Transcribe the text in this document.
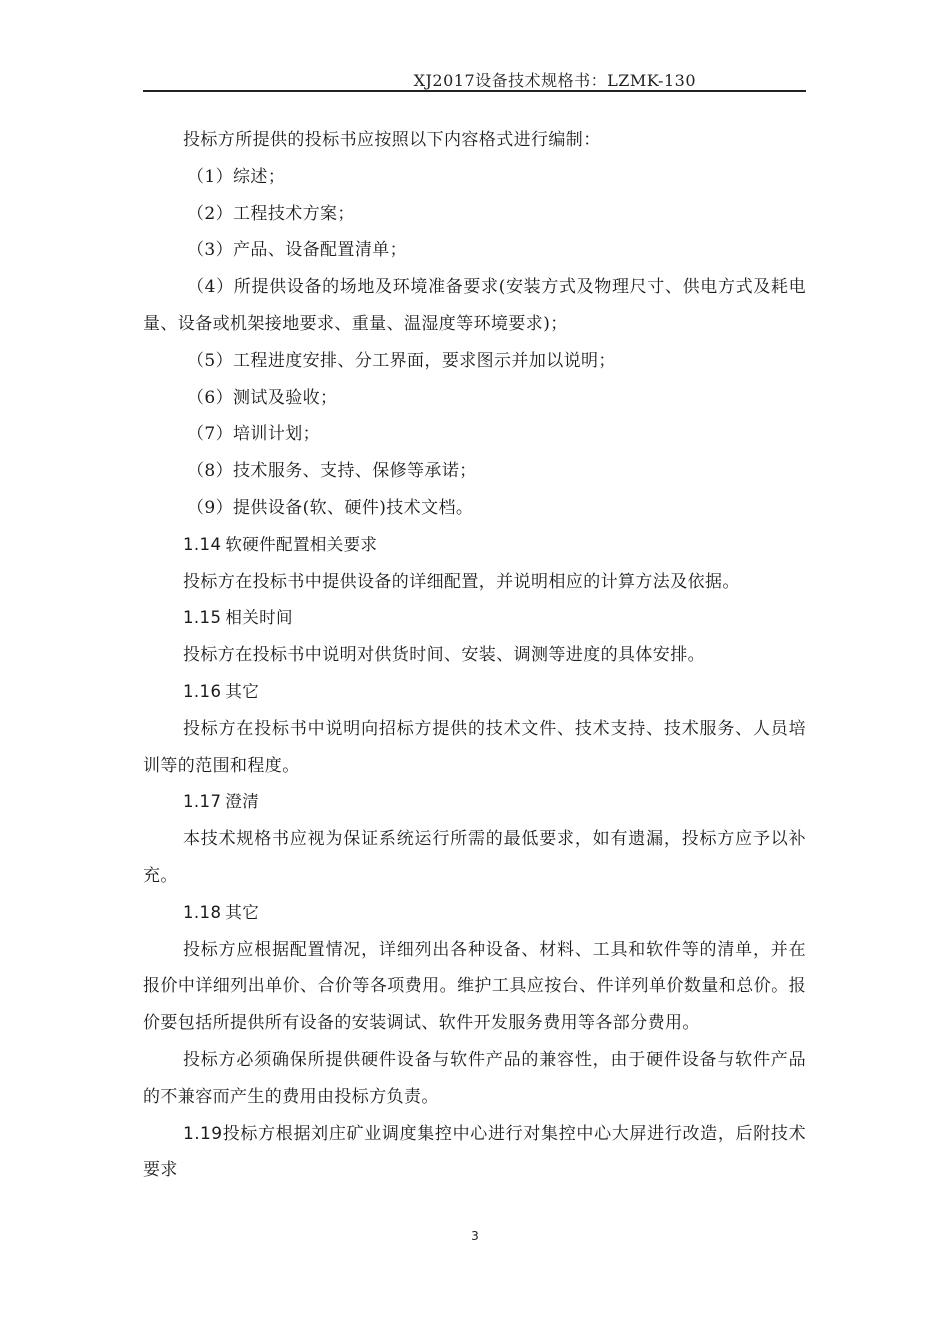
XJ2017设备技术规格书：LZMK-130

投标方所提供的投标书应按照以下内容格式进行编制：

（1）综述；

（2）工程技术方案；

（3）产品、设备配置清单；

（4）所提供设备的场地及环境准备要求(安装方式及物理尺寸、供电方式及耗电量、设备或机架接地要求、重量、温湿度等环境要求)；

（5）工程进度安排、分工界面，要求图示并加以说明；

（6）测试及验收；

（7）培训计划；

（8）技术服务、支持、保修等承诺；

（9）提供设备(软、硬件)技术文档。

1.14 软硬件配置相关要求

投标方在投标书中提供设备的详细配置，并说明相应的计算方法及依据。

1.15 相关时间

投标方在投标书中说明对供货时间、安装、调测等进度的具体安排。

1.16 其它

投标方在投标书中说明向招标方提供的技术文件、技术支持、技术服务、人员培训等的范围和程度。

1.17 澄清

本技术规格书应视为保证系统运行所需的最低要求，如有遗漏，投标方应予以补充。

1.18 其它

投标方应根据配置情况，详细列出各种设备、材料、工具和软件等的清单，并在报价中详细列出单价、合价等各项费用。维护工具应按台、件详列单价数量和总价。报价要包括所提供所有设备的安装调试、软件开发服务费用等各部分费用。

投标方必须确保所提供硬件设备与软件产品的兼容性，由于硬件设备与软件产品的不兼容而产生的费用由投标方负责。

1.19投标方根据刘庄矿业调度集控中心进行对集控中心大屏进行改造，后附技术要求

3
